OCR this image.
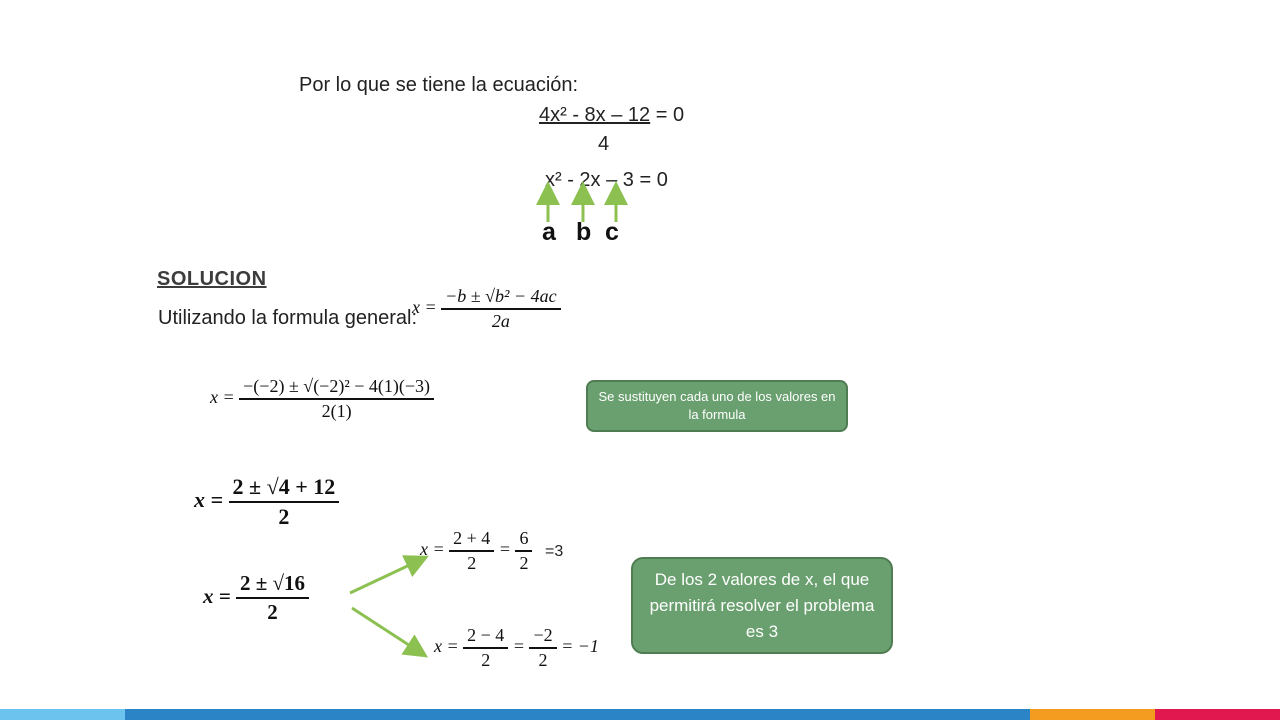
Por lo que se tiene la ecuación:
4x² - 8x – 12 = 0
4
x² - 2x – 3 = 0
a b c
SOLUCION
Utilizando la formula general:
$x = \frac{\text{−b ± √b² − 4ac}}{2a}$
$x = \frac{\text{−(−2) ± √(−2)² − 4(1)(−3)}}{2(1)}$	Se sustituyen cada uno de los valores en la formula
$x = \frac{2 \pm √4 + 12}{2}$
$x = \frac{2 \pm √16}{2}$
$x = \frac{2 + 4}{2} = \frac{6}{2} =3$
$x = \frac{2 - 4}{2} = \frac{-2}{2} = -1$
De los 2 valores de x, el que permitirá resolver el problema es 3
